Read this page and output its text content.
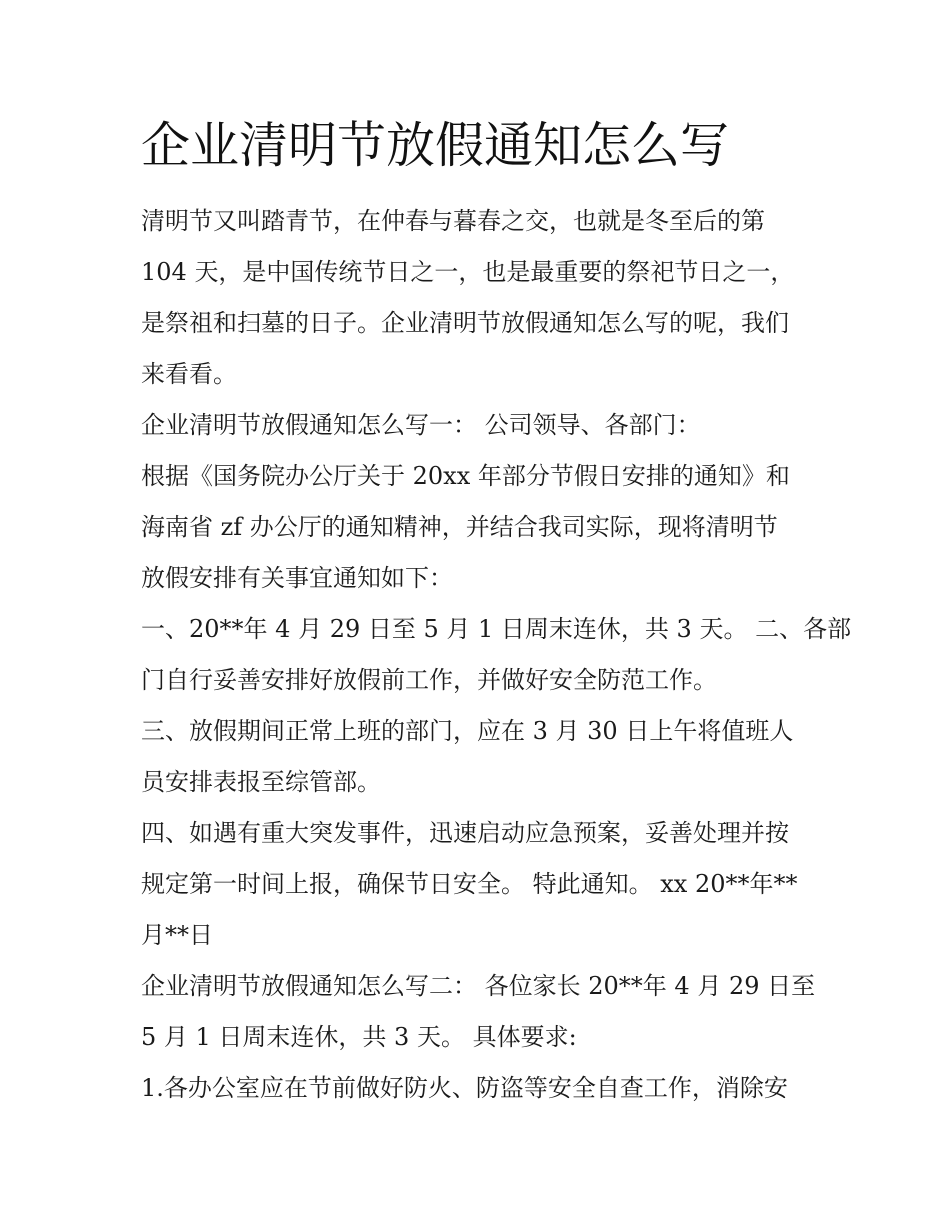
企业清明节放假通知怎么写

清明节又叫踏青节，在仲春与暮春之交，也就是冬至后的第

104 天，是中国传统节日之一，也是最重要的祭祀节日之一，

是祭祖和扫墓的日子。企业清明节放假通知怎么写的呢，我们

来看看。

企业清明节放假通知怎么写一： 公司领导、各部门：

根据《国务院办公厅关于 20xx 年部分节假日安排的通知》和

海南省 zf 办公厅的通知精神，并结合我司实际，现将清明节

放假安排有关事宜通知如下：

一、20**年 4 月 29 日至 5 月 1 日周末连休，共 3 天。 二、各部

门自行妥善安排好放假前工作，并做好安全防范工作。

三、放假期间正常上班的部门，应在 3 月 30 日上午将值班人

员安排表报至综管部。

四、如遇有重大突发事件，迅速启动应急预案，妥善处理并按

规定第一时间上报，确保节日安全。 特此通知。 xx 20**年**

月**日

企业清明节放假通知怎么写二： 各位家长 20**年 4 月 29 日至

5 月 1 日周末连休，共 3 天。 具体要求:

1.各办公室应在节前做好防火、防盗等安全自查工作，消除安
